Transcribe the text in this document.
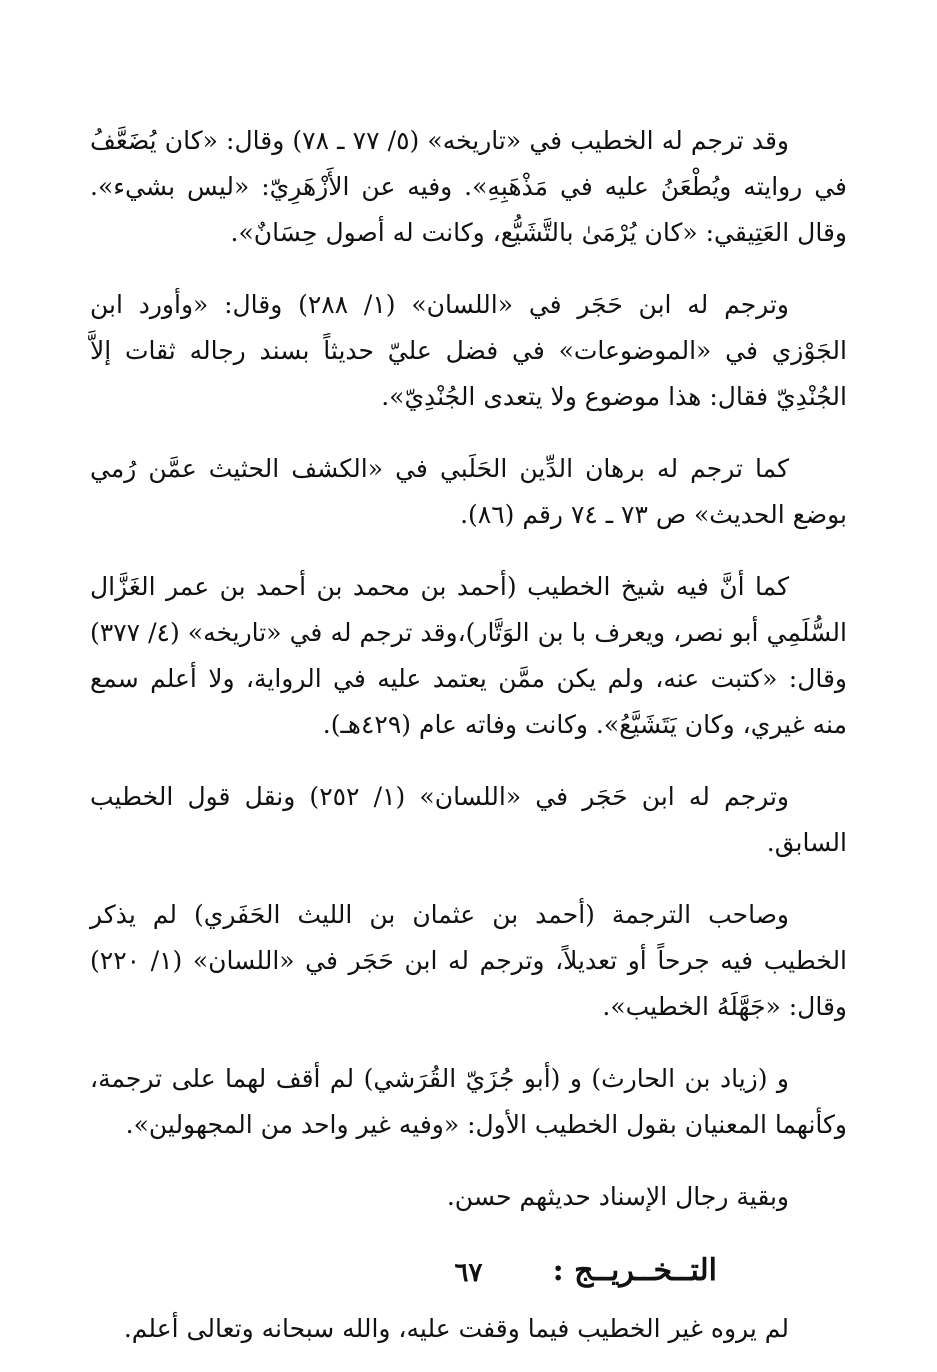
وقد ترجم له الخطيب في «تاريخه» (٥/ ٧٧ ـ ٧٨) وقال: «كان يُضَعَّفُ في روايته ويُطْعَنُ عليه في مَذْهَبِهِ». وفيه عن الأَزْهَرِيّ: «ليس بشيء». وقال العَتِيقي: «كان يُرْمَىٰ بالتَّشَيُّع، وكانت له أصول حِسَانٌ».

وترجم له ابن حَجَر في «اللسان» (١/ ٢٨٨) وقال: «وأورد ابن الجَوْزي في «الموضوعات» في فضل عليّ حديثاً بسند رجاله ثقات إلاَّ الجُنْدِيّ فقال: هذا موضوع ولا يتعدى الجُنْدِيّ».

كما ترجم له برهان الدِّين الحَلَبي في «الكشف الحثيث عمَّن رُمي بوضع الحديث» ص ٧٣ ـ ٧٤ رقم (٨٦).

كما أنَّ فيه شيخ الخطيب (أحمد بن محمد بن أحمد بن عمر الغَزَّال السُّلَمِي أبو نصر، ويعرف با بن الوَتَّار)،وقد ترجم له في «تاريخه» (٤/ ٣٧٧) وقال: «كتبت عنه، ولم يكن ممَّن يعتمد عليه في الرواية، ولا أعلم سمع منه غيري، وكان يَتَشَيَّعُ». وكانت وفاته عام (٤٢٩هـ).

وترجم له ابن حَجَر في «اللسان» (١/ ٢٥٢) ونقل قول الخطيب السابق.

وصاحب الترجمة (أحمد بن عثمان بن الليث الحَفَري) لم يذكر الخطيب فيه جرحاً أو تعديلاً، وترجم له ابن حَجَر في «اللسان» (١/ ٢٢٠) وقال: «جَهَّلَهُ الخطيب».

و (زياد بن الحارث) و (أبو جُزَيّ القُرَشي) لم أقف لهما على ترجمة، وكأنهما المعنيان بقول الخطيب الأول: «وفيه غير واحد من المجهولين».

وبقية رجال الإسناد حديثهم حسن.

التــخــريــج :

لم يروه غير الخطيب فيما وقفت عليه، والله سبحانه وتعالى أعلم.

٦٧
